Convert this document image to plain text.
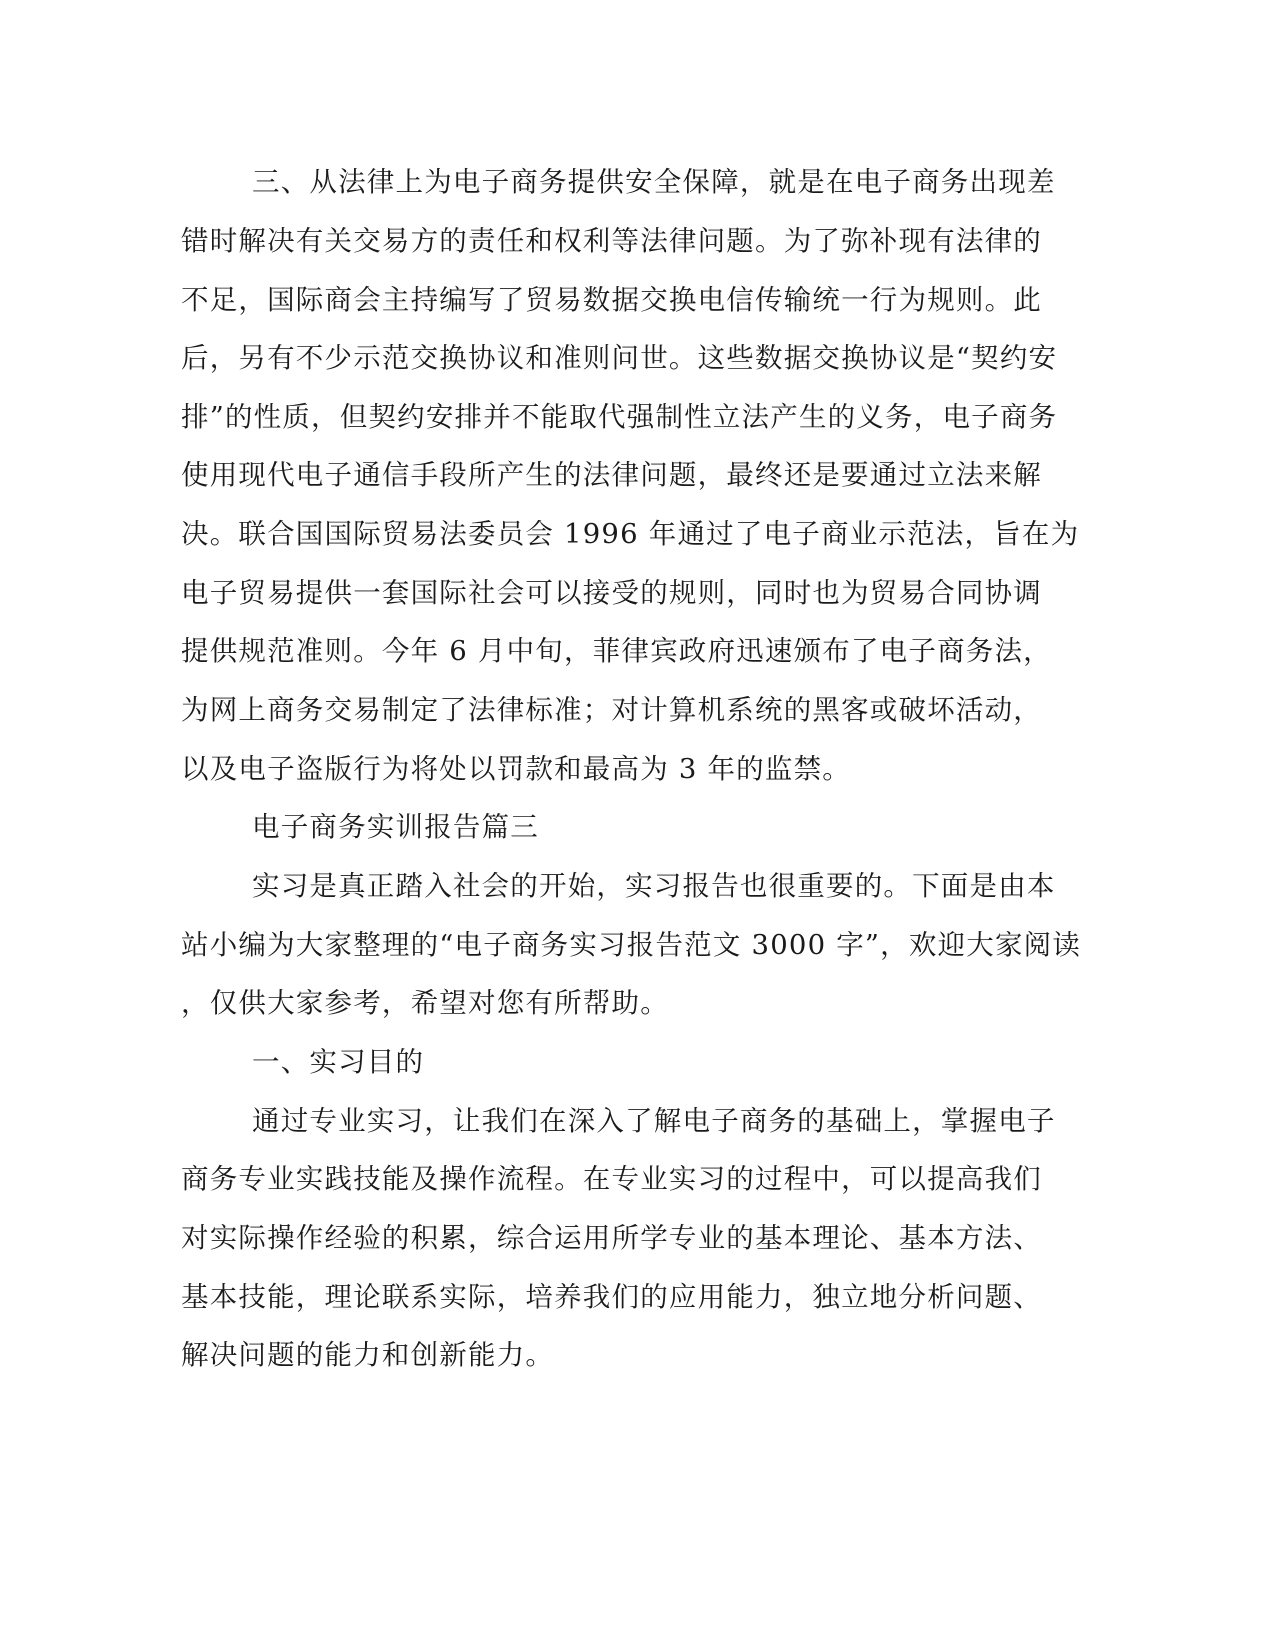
三、从法律上为电子商务提供安全保障，就是在电子商务出现差
错时解决有关交易方的责任和权利等法律问题。为了弥补现有法律的
不足，国际商会主持编写了贸易数据交换电信传输统一行为规则。此
后，另有不少示范交换协议和准则问世。这些数据交换协议是“契约安
排”的性质，但契约安排并不能取代强制性立法产生的义务，电子商务
使用现代电子通信手段所产生的法律问题，最终还是要通过立法来解
决。联合国国际贸易法委员会 1996 年通过了电子商业示范法，旨在为
电子贸易提供一套国际社会可以接受的规则，同时也为贸易合同协调
提供规范准则。今年 6 月中旬，菲律宾政府迅速颁布了电子商务法，
为网上商务交易制定了法律标准；对计算机系统的黑客或破坏活动，
以及电子盗版行为将处以罚款和最高为 3 年的监禁。
电子商务实训报告篇三
实习是真正踏入社会的开始，实习报告也很重要的。下面是由本
站小编为大家整理的“电子商务实习报告范文 3000 字”，欢迎大家阅读
，仅供大家参考，希望对您有所帮助。
一、实习目的
通过专业实习，让我们在深入了解电子商务的基础上，掌握电子
商务专业实践技能及操作流程。在专业实习的过程中，可以提高我们
对实际操作经验的积累，综合运用所学专业的基本理论、基本方法、
基本技能，理论联系实际，培养我们的应用能力，独立地分析问题、
解决问题的能力和创新能力。
